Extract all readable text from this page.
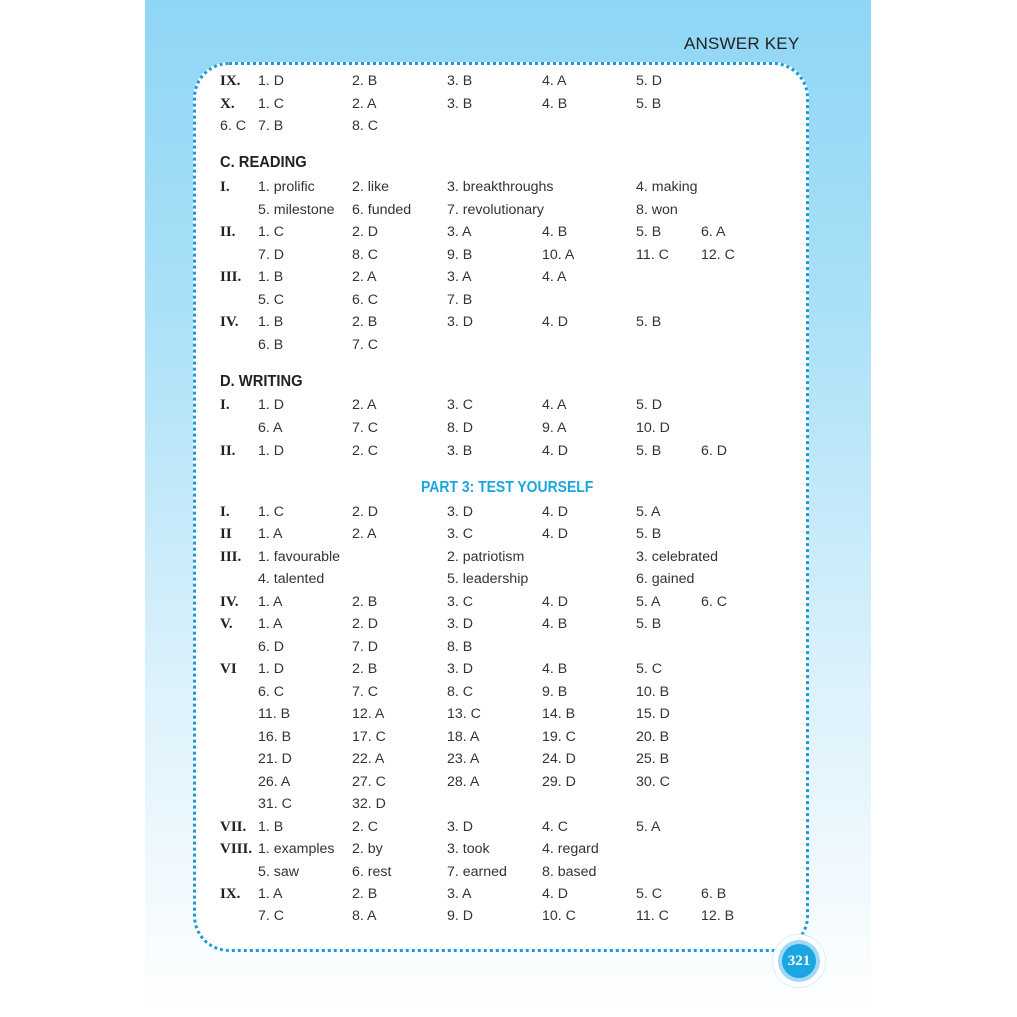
ANSWER KEY
IX. 1. D	2. B	3. B	4. A	5. D
X. 1. C	2. A	3. B	4. B	5. B
6. C 7. B	8. C
C. READING
I. 1. prolific	2. like	3. breakthroughs	4. making
5. milestone 6. funded	7. revolutionary	8. won
II. 1. C	2. D	3. A	4. B	5. B	6. A
7. D	8. C	9. B	10. A	11. C 12. C
III. 1. B	2. A	3. A	4. A
5. C	6. C	7. B
IV. 1. B	2. B	3. D	4. D	5. B
6. B	7. C
D. WRITING
I. 1. D	2. A	3. C	4. A	5. D
6. A	7. C	8. D	9. A	10. D
II. 1. D	2. C	3. B	4. D	5. B	6. D
PART 3: TEST YOURSELF
I. 1. C	2. D	3. D	4. D	5. A
II 1. A	2. A	3. C	4. D	5. B
III. 1. favourable	2. patriotism	3. celebrated
4. talented	5. leadership	6. gained
IV. 1. A	2. B	3. C	4. D	5. A	6. C
V. 1. A	2. D	3. D	4. B	5. B
6. D	7. D	8. B
VI 1. D	2. B	3. D	4. B	5. C
6. C	7. C	8. C	9. B	10. B
11. B	12. A	13. C	14. B	15. D
16. B	17. C	18. A	19. C	20. B
21. D	22. A	23. A	24. D	25. B
26. A	27. C	28. A	29. D	30. C
31. C	32. D
VII. 1. B	2. C	3. D	4. C	5. A
VIII. 1. examples 2. by	3. took	4. regard
5. saw	6. rest	7. earned 8. based
IX. 1. A	2. B	3. A	4. D	5. C	6. B
7. C	8. A	9. D	10. C	11. C 12. B
321
